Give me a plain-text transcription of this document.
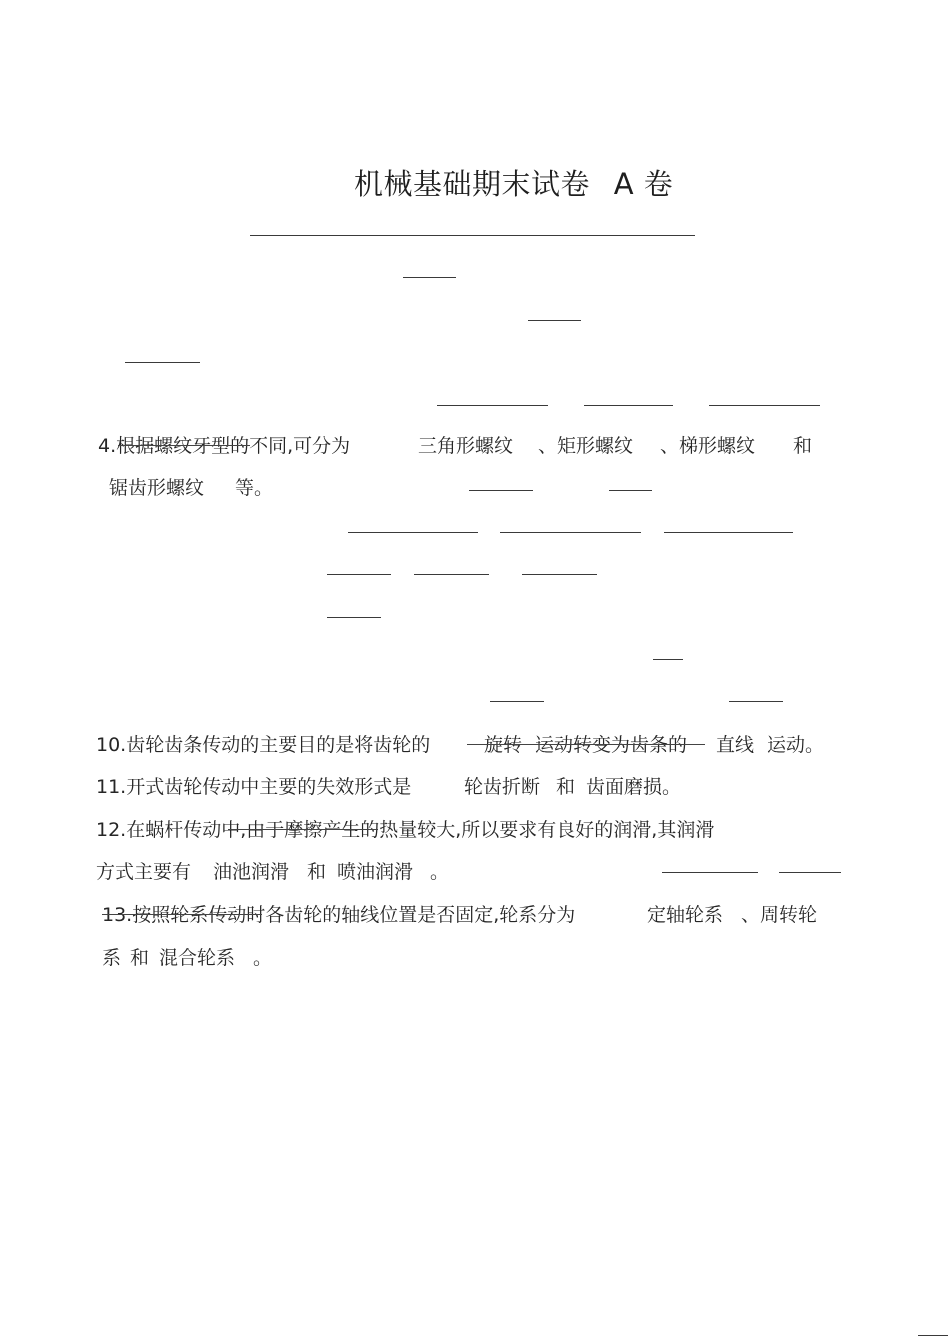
机械基础期末试卷 A 卷
4.根据螺纹牙型的不同,可分为	三角形螺纹 、矩形螺纹 、梯形螺纹 和
锯齿形螺纹 等。
10.齿轮齿条传动的主要目的是将齿轮的	旋转 运动转变为齿条的 直线 运动。
11.开式齿轮传动中主要的失效形式是	轮齿折断 和 齿面磨损。
12.在蜗杆传动中,由于摩擦产生的热量较大,所以要求有良好的润滑,其润滑
方式主要有 油池润滑 和 喷油润滑 。
13.按照轮系传动时各齿轮的轴线位置是否固定,轮系分为	定轴轮系 、周转轮
系 和 混合轮系 。
